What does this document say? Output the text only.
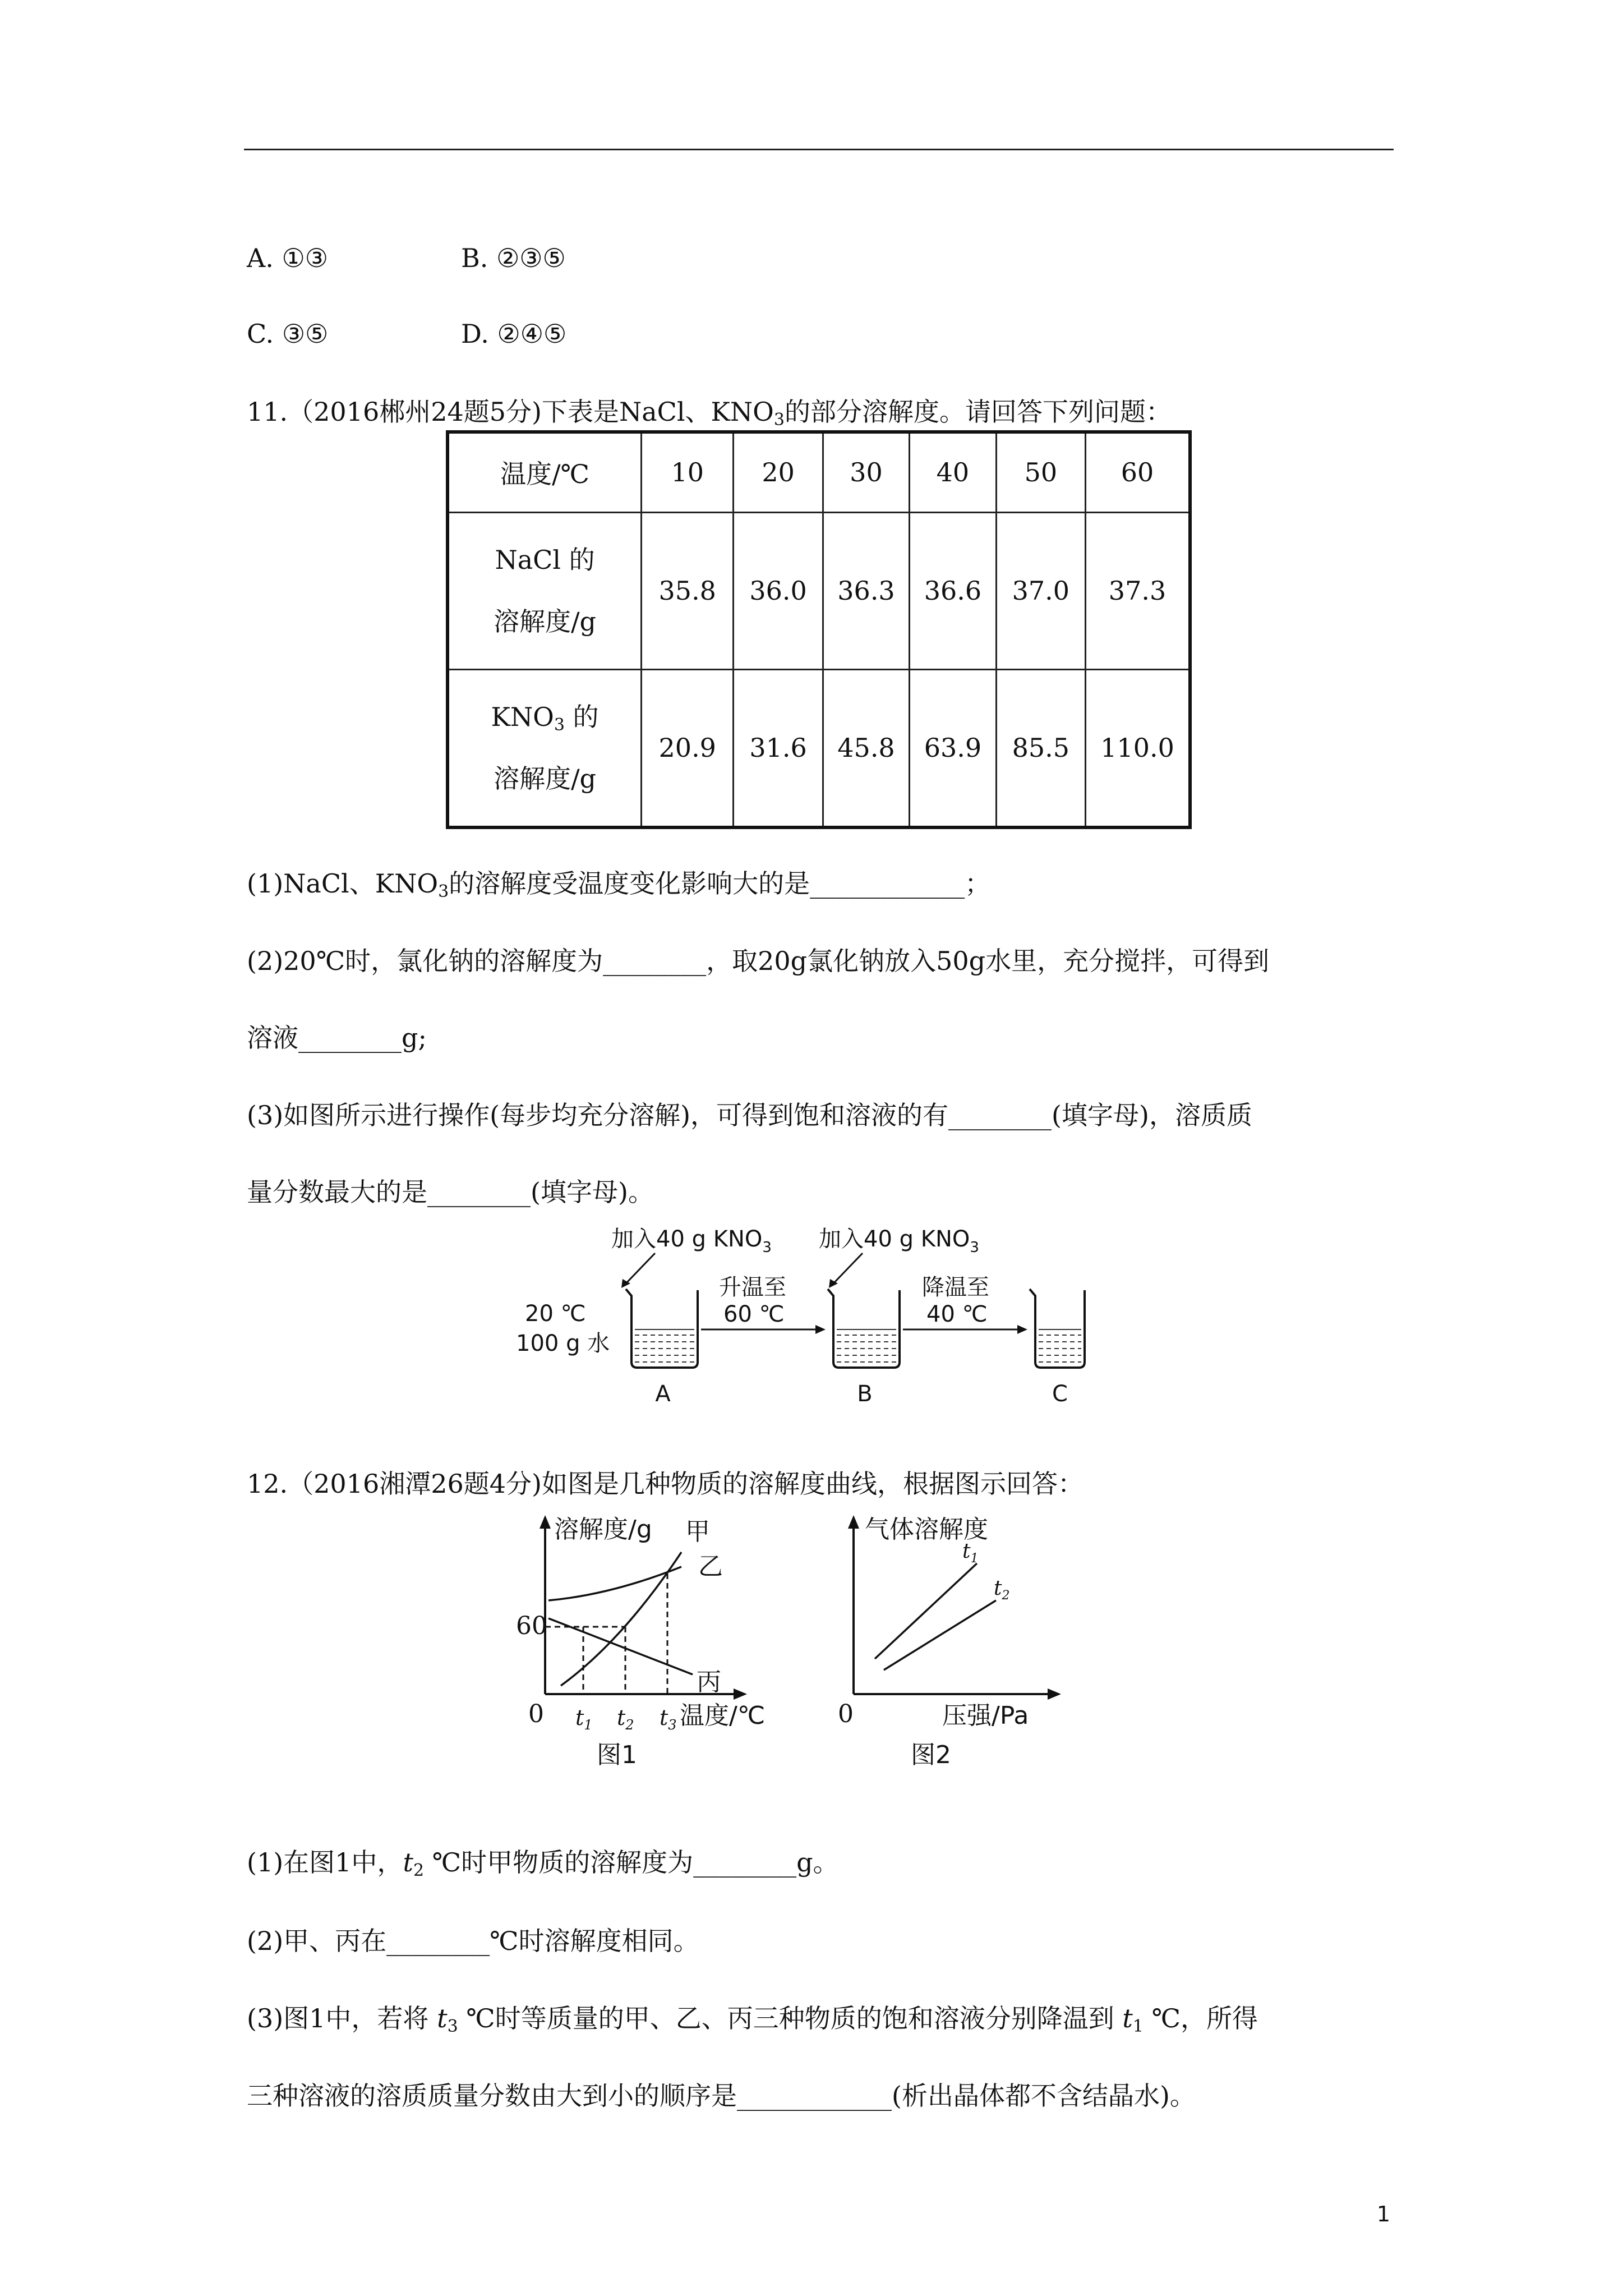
A. ①③	B. ②③⑤
C. ③⑤	D. ②④⑤
11.（2016郴州24题5分)下表是NaCl、$KNO_3$的部分溶解度。请回答下列问题：
温度/℃	10	20	30	40	50	60

NaCl 的
溶解度/g	35.8	36.0	36.3	36.6	37.0	37.3

$KNO_3$ 的
溶解度/g	20.9	31.6	45.8	63.9	85.5	110.0
(1)NaCl、$KNO_3$的溶解度受温度变化影响大的是____________；
(2)20℃时，氯化钠的溶解度为________，取20g氯化钠放入50g水里，充分搅拌，可得到
溶液________g;
(3)如图所示进行操作(每步均充分溶解)，可得到饱和溶液的有________(填字母)，溶质质
量分数最大的是________(填字母)。
加入40 g $KNO_3$ 加入40 g $KNO_3$
20 ℃
100 g 水
升温至
60 ℃
降温至
40 ℃
A	B	C
12.（2016湘潭26题4分)如图是几种物质的溶解度曲线，根据图示回答：
溶解度/g
60
0
甲
乙
丙
$t_1$ $t_2$ $t_3$ 温度/℃
图1
气体溶解度
0
$t_1$
$t_2$
压强/Pa
图2
(1)在图1中，$t_2$ ℃时甲物质的溶解度为________g。
(2)甲、丙在________℃时溶解度相同。
(3)图1中，若将 $t_3$ ℃时等质量的甲、乙、丙三种物质的饱和溶液分别降温到 $t_1$ ℃，所得
三种溶液的溶质质量分数由大到小的顺序是____________(析出晶体都不含结晶水)。
1
